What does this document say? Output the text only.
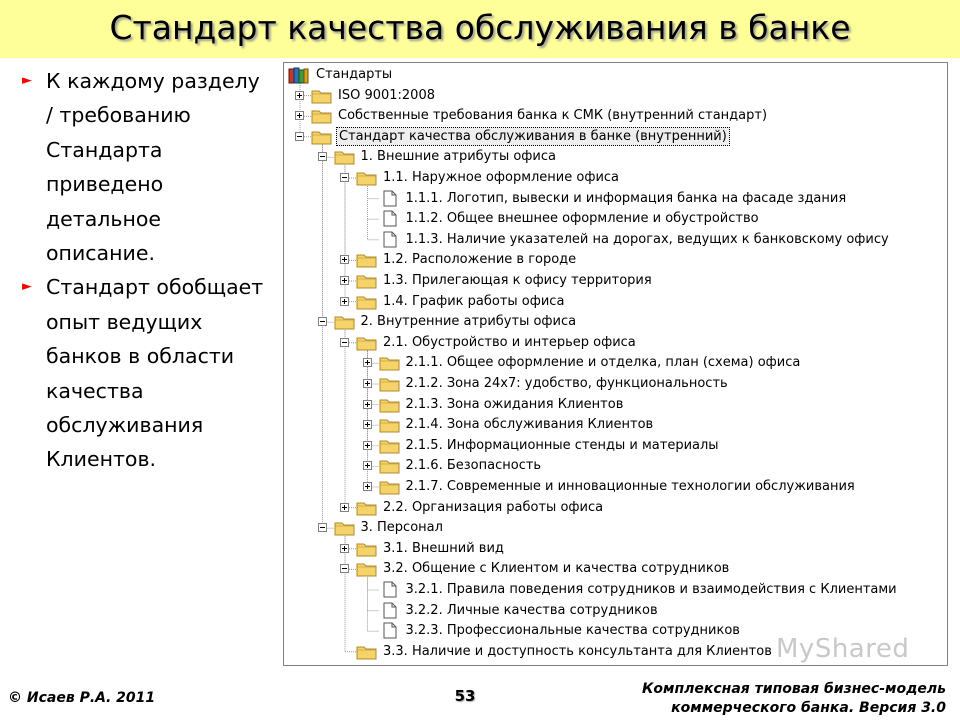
Стандарт качества обслуживания в банке
► К каждому разделу / требованию Стандарта приведено детальное описание.
► Стандарт обобщает опыт ведущих банков в области качества обслуживания Клиентов.
Стандарты
ISO 9001:2008
Собственные требования банка к СМК (внутренний стандарт)
Стандарт качества обслуживания в банке (внутренний)
1. Внешние атрибуты офиса
1.1. Наружное оформление офиса
1.1.1. Логотип, вывески и информация банка на фасаде здания
1.1.2. Общее внешнее оформление и обустройство
1.1.3. Наличие указателей на дорогах, ведущих к банковскому офису
1.2. Расположение в городе
1.3. Прилегающая к офису территория
1.4. График работы офиса
2. Внутренние атрибуты офиса
2.1. Обустройство и интерьер офиса
2.1.1. Общее оформление и отделка, план (схема) офиса
2.1.2. Зона 24х7: удобство, функциональность
2.1.3. Зона ожидания Клиентов
2.1.4. Зона обслуживания Клиентов
2.1.5. Информационные стенды и материалы
2.1.6. Безопасность
2.1.7. Современные и инновационные технологии обслуживания
2.2. Организация работы офиса
3. Персонал
3.1. Внешний вид
3.2. Общение с Клиентом и качества сотрудников
3.2.1. Правила поведения сотрудников и взаимодействия с Клиентами
3.2.2. Личные качества сотрудников
3.2.3. Профессиональные качества сотрудников
3.3. Наличие и доступность консультанта для Клиентов MyShared
© Исаев Р.А. 2011	53	Комплексная типовая бизнес-модель
коммерческого банка. Версия 3.0
